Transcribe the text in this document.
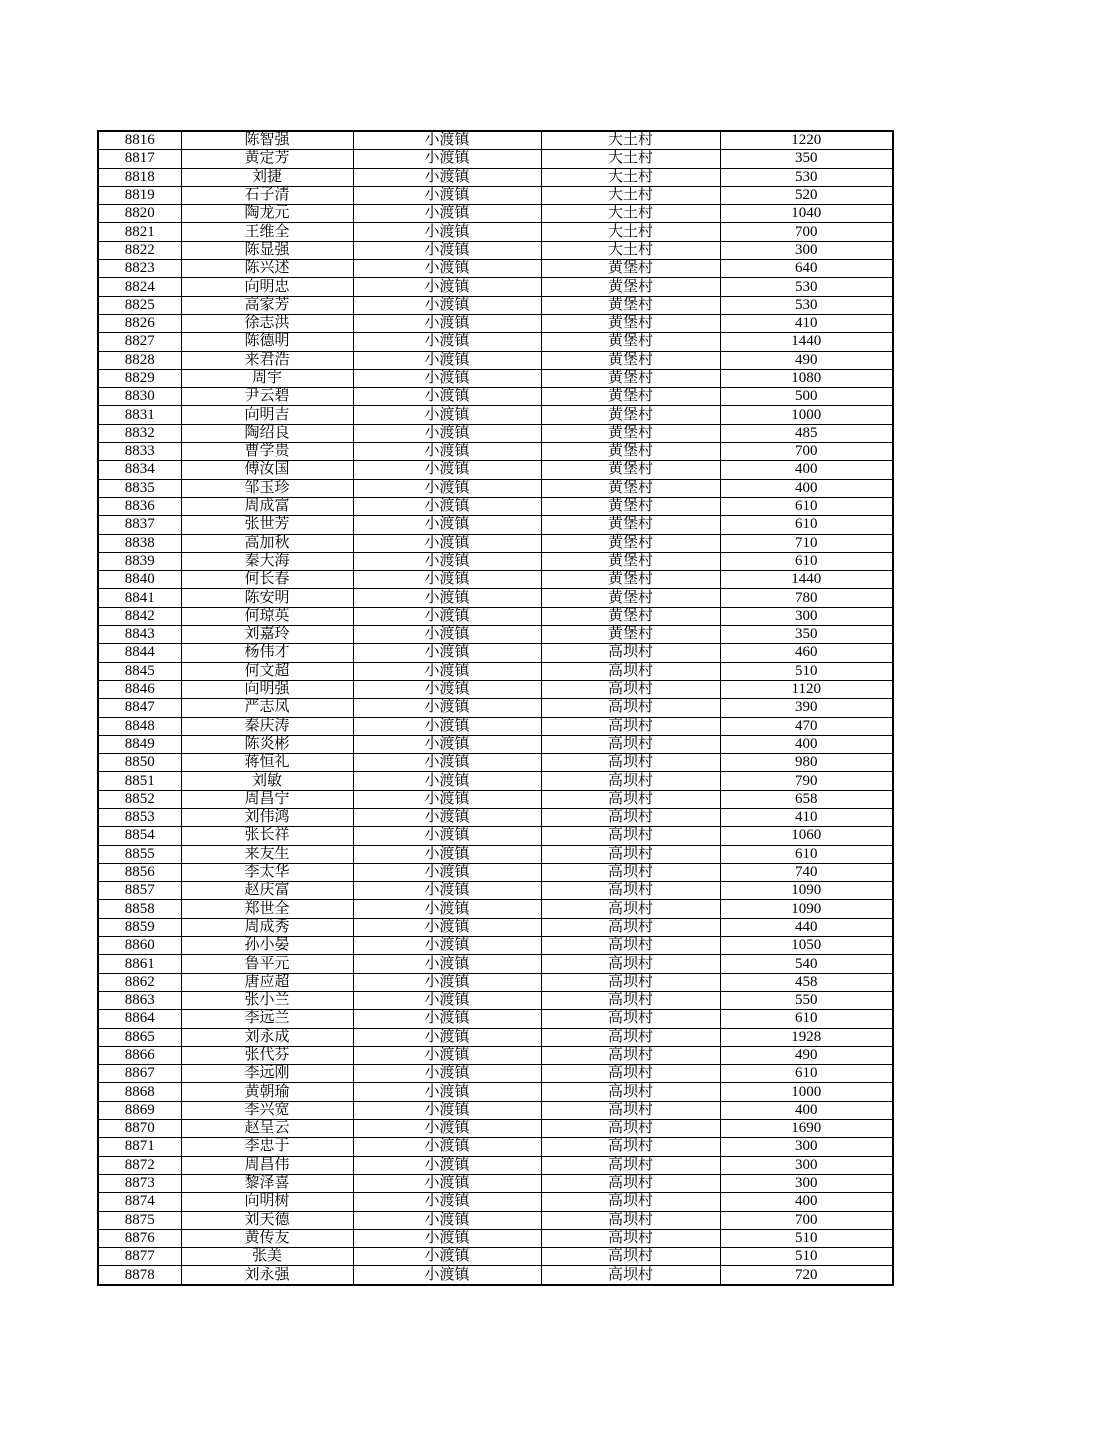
8816	陈智强	小渡镇	大土村	1220
8817	黄定芳	小渡镇	大土村	350
8818	刘捷	小渡镇	大土村	530
8819	石子清	小渡镇	大土村	520
8820	陶龙元	小渡镇	大土村	1040
8821	王维全	小渡镇	大土村	700
8822	陈显强	小渡镇	大土村	300
8823	陈兴述	小渡镇	黄堡村	640
8824	向明忠	小渡镇	黄堡村	530
8825	高家芳	小渡镇	黄堡村	530
8826	徐志洪	小渡镇	黄堡村	410
8827	陈德明	小渡镇	黄堡村	1440
8828	来君浩	小渡镇	黄堡村	490
8829	周宇	小渡镇	黄堡村	1080
8830	尹云碧	小渡镇	黄堡村	500
8831	向明吉	小渡镇	黄堡村	1000
8832	陶绍良	小渡镇	黄堡村	485
8833	曹学贵	小渡镇	黄堡村	700
8834	傅汝国	小渡镇	黄堡村	400
8835	邹玉珍	小渡镇	黄堡村	400
8836	周成富	小渡镇	黄堡村	610
8837	张世芳	小渡镇	黄堡村	610
8838	高加秋	小渡镇	黄堡村	710
8839	秦大海	小渡镇	黄堡村	610
8840	何长春	小渡镇	黄堡村	1440
8841	陈安明	小渡镇	黄堡村	780
8842	何琼英	小渡镇	黄堡村	300
8843	刘嘉玲	小渡镇	黄堡村	350
8844	杨伟才	小渡镇	高坝村	460
8845	何文超	小渡镇	高坝村	510
8846	向明强	小渡镇	高坝村	1120
8847	严志凤	小渡镇	高坝村	390
8848	秦庆涛	小渡镇	高坝村	470
8849	陈炎彬	小渡镇	高坝村	400
8850	蒋恒礼	小渡镇	高坝村	980
8851	刘敏	小渡镇	高坝村	790
8852	周昌宁	小渡镇	高坝村	658
8853	刘伟鸿	小渡镇	高坝村	410
8854	张长祥	小渡镇	高坝村	1060
8855	来友生	小渡镇	高坝村	610
8856	李太华	小渡镇	高坝村	740
8857	赵庆富	小渡镇	高坝村	1090
8858	郑世全	小渡镇	高坝村	1090
8859	周成秀	小渡镇	高坝村	440
8860	孙小晏	小渡镇	高坝村	1050
8861	鲁平元	小渡镇	高坝村	540
8862	唐应超	小渡镇	高坝村	458
8863	张小兰	小渡镇	高坝村	550
8864	李远兰	小渡镇	高坝村	610
8865	刘永成	小渡镇	高坝村	1928
8866	张代芬	小渡镇	高坝村	490
8867	李远刚	小渡镇	高坝村	610
8868	黄朝瑜	小渡镇	高坝村	1000
8869	李兴宽	小渡镇	高坝村	400
8870	赵呈云	小渡镇	高坝村	1690
8871	李忠于	小渡镇	高坝村	300
8872	周昌伟	小渡镇	高坝村	300
8873	黎泽喜	小渡镇	高坝村	300
8874	向明树	小渡镇	高坝村	400
8875	刘天德	小渡镇	高坝村	700
8876	黄传友	小渡镇	高坝村	510
8877	张美	小渡镇	高坝村	510
8878	刘永强	小渡镇	高坝村	720
